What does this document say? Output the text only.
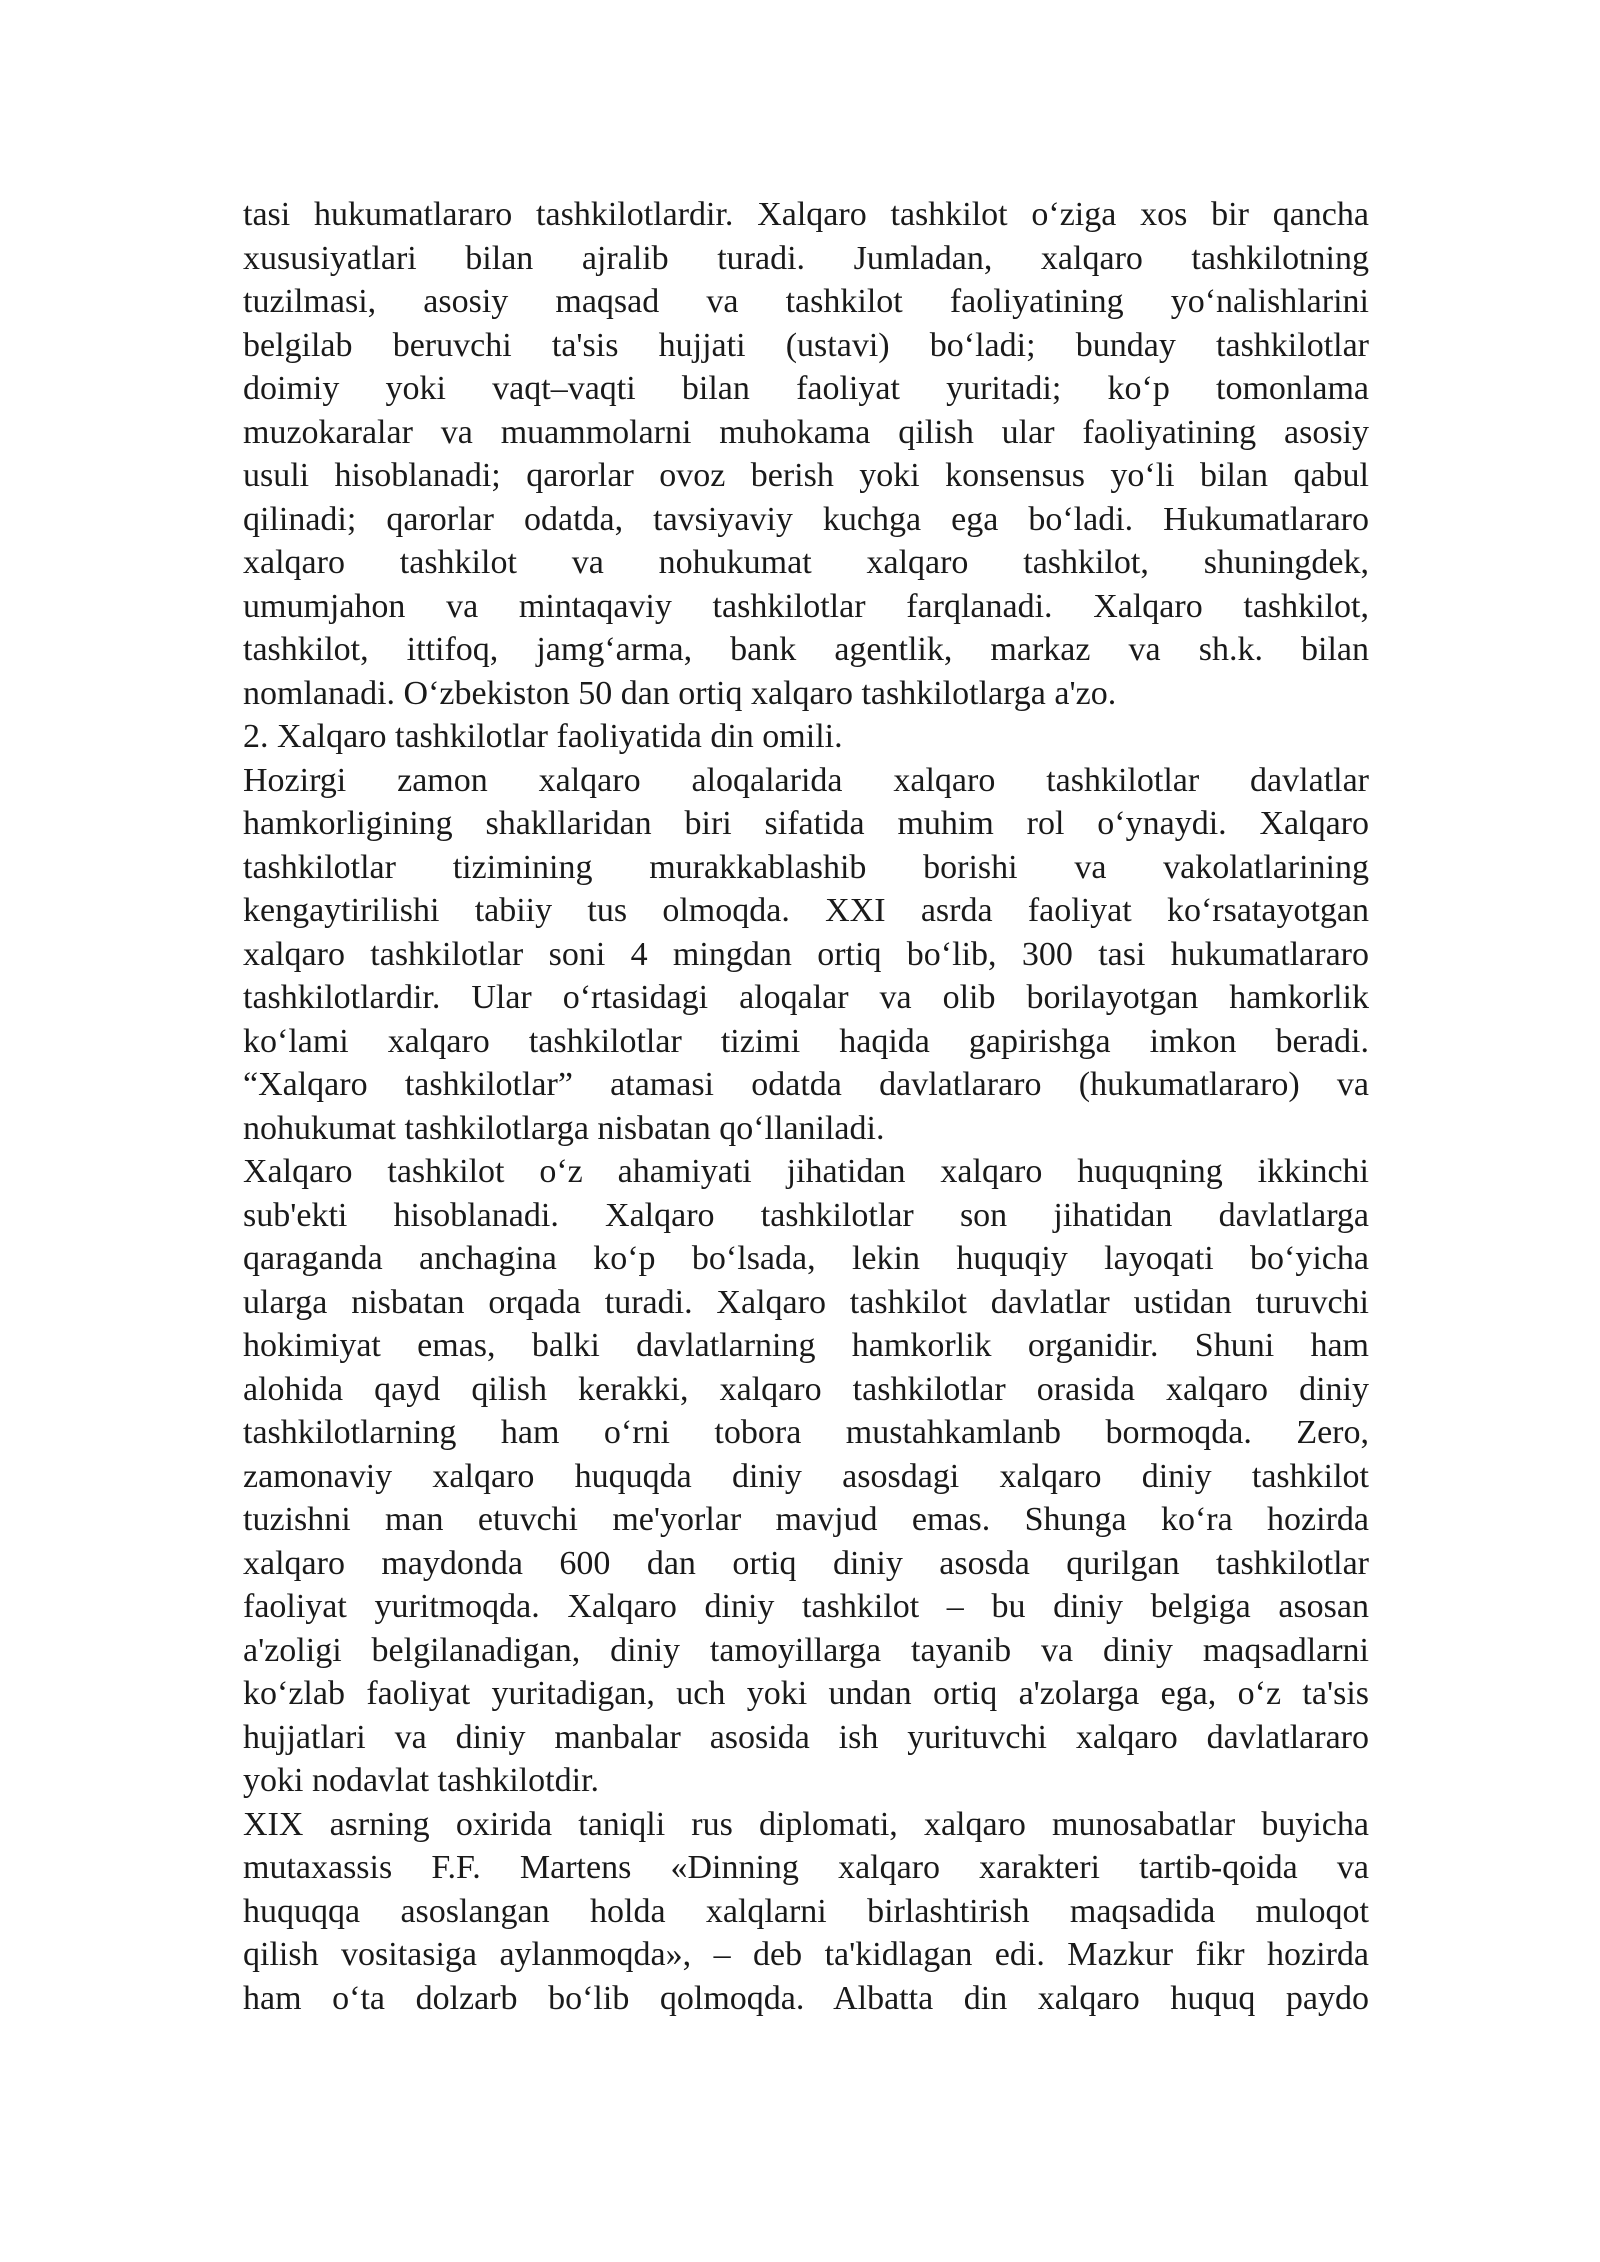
tasi hukumatlararo tashkilotlardir. Xalqaro tashkilot o‘ziga xos bir qancha
xususiyatlari bilan ajralib turadi. Jumladan, xalqaro tashkilotning
tuzilmasi, asosiy maqsad va tashkilot faoliyatining yo‘nalishlarini
belgilab beruvchi ta'sis hujjati (ustavi) bo‘ladi; bunday tashkilotlar
doimiy yoki vaqt–vaqti bilan faoliyat yuritadi; ko‘p tomonlama
muzokaralar va muammolarni muhokama qilish ular faoliyatining asosiy
usuli hisoblanadi; qarorlar ovoz berish yoki konsensus yo‘li bilan qabul
qilinadi; qarorlar odatda, tavsiyaviy kuchga ega bo‘ladi. Hukumatlararo
xalqaro tashkilot va nohukumat xalqaro tashkilot, shuningdek,
umumjahon va mintaqaviy tashkilotlar farqlanadi. Xalqaro tashkilot,
tashkilot, ittifoq, jamg‘arma, bank agentlik, markaz va sh.k. bilan
nomlanadi. O‘zbekiston 50 dan ortiq xalqaro tashkilotlarga a'zo.
2. Xalqaro tashkilotlar faoliyatida din omili.
Hozirgi zamon xalqaro aloqalarida xalqaro tashkilotlar davlatlar
hamkorligining shakllaridan biri sifatida muhim rol o‘ynaydi. Xalqaro
tashkilotlar tizimining murakkablashib borishi va vakolatlarining
kengaytirilishi tabiiy tus olmoqda. XXI asrda faoliyat ko‘rsatayotgan
xalqaro tashkilotlar soni 4 mingdan ortiq bo‘lib, 300 tasi hukumatlararo
tashkilotlardir. Ular o‘rtasidagi aloqalar va olib borilayotgan hamkorlik
ko‘lami xalqaro tashkilotlar tizimi haqida gapirishga imkon beradi.
“Xalqaro tashkilotlar” atamasi odatda davlatlararo (hukumatlararo) va
nohukumat tashkilotlarga nisbatan qo‘llaniladi.
Xalqaro tashkilot o‘z ahamiyati jihatidan xalqaro huquqning ikkinchi
sub'ekti hisoblanadi. Xalqaro tashkilotlar son jihatidan davlatlarga
qaraganda anchagina ko‘p bo‘lsada, lekin huquqiy layoqati bo‘yicha
ularga nisbatan orqada turadi. Xalqaro tashkilot davlatlar ustidan turuvchi
hokimiyat emas, balki davlatlarning hamkorlik organidir. Shuni ham
alohida qayd qilish kerakki, xalqaro tashkilotlar orasida xalqaro diniy
tashkilotlarning ham o‘rni tobora mustahkamlanb bormoqda. Zero,
zamonaviy xalqaro huquqda diniy asosdagi xalqaro diniy tashkilot
tuzishni man etuvchi me'yorlar mavjud emas. Shunga ko‘ra hozirda
xalqaro maydonda 600 dan ortiq diniy asosda qurilgan tashkilotlar
faoliyat yuritmoqda. Xalqaro diniy tashkilot – bu diniy belgiga asosan
a'zoligi belgilanadigan, diniy tamoyillarga tayanib va diniy maqsadlarni
ko‘zlab faoliyat yuritadigan, uch yoki undan ortiq a'zolarga ega, o‘z ta'sis
hujjatlari va diniy manbalar asosida ish yurituvchi xalqaro davlatlararo
yoki nodavlat tashkilotdir.
XIX asrning oxirida taniqli rus diplomati, xalqaro munosabatlar buyicha
mutaxassis F.F. Martens «Dinning xalqaro xarakteri tartib-qoida va
huquqqa asoslangan holda xalqlarni birlashtirish maqsadida muloqot
qilish vositasiga aylanmoqda», – deb ta'kidlagan edi. Mazkur fikr hozirda
ham o‘ta dolzarb bo‘lib qolmoqda. Albatta din xalqaro huquq paydo
